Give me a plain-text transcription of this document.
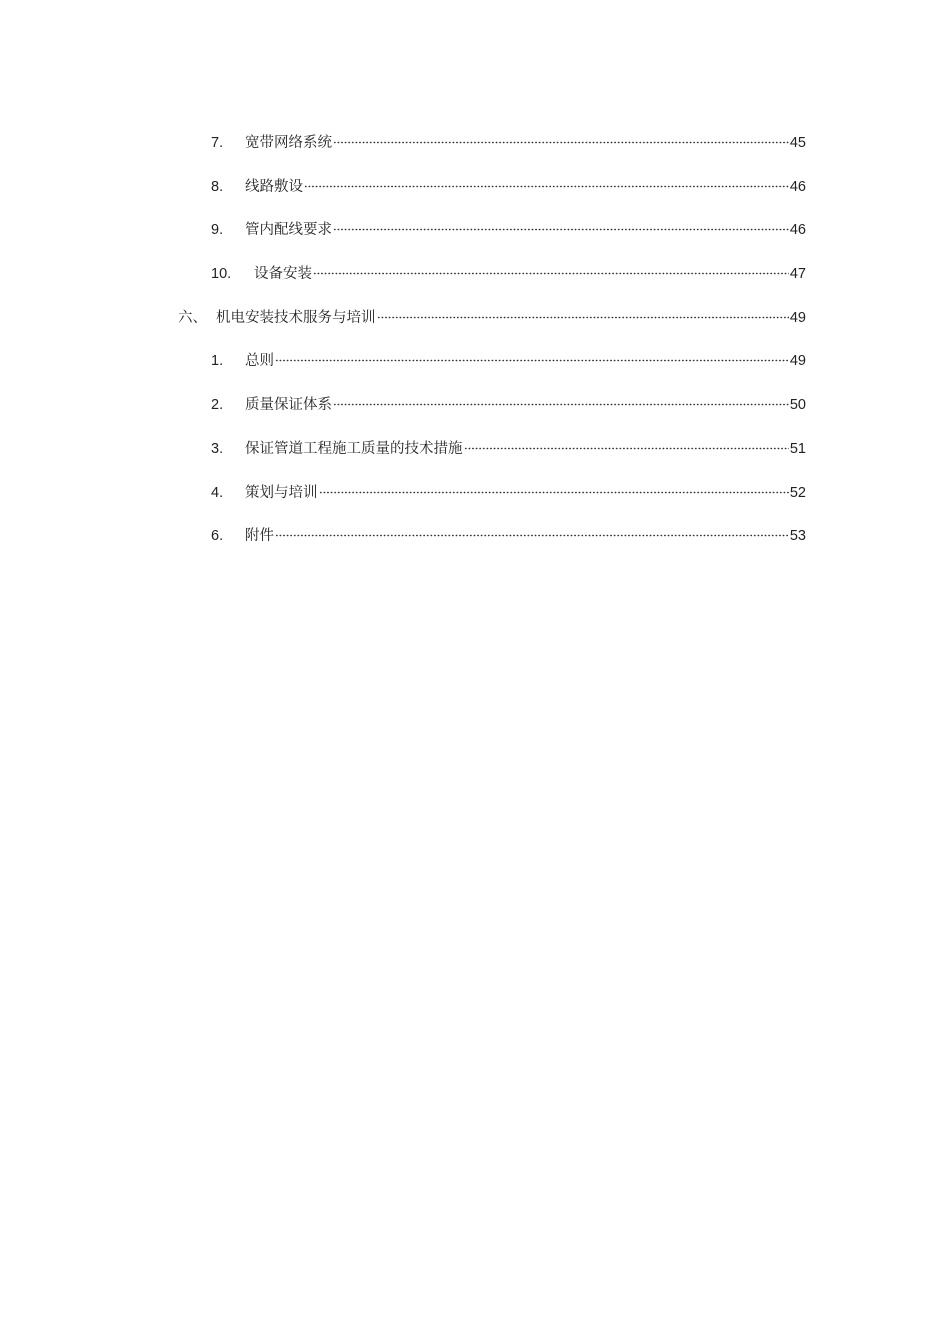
7.	宽带网络系统	45
8.	线路敷设	46
9.	管内配线要求	46
10.	设备安装	47
六、 机电安装技术服务与培训	49
1.	总则	49
2.	质量保证体系	50
3.	保证管道工程施工质量的技术措施	51
4.	策划与培训	52
6.	附件	53
